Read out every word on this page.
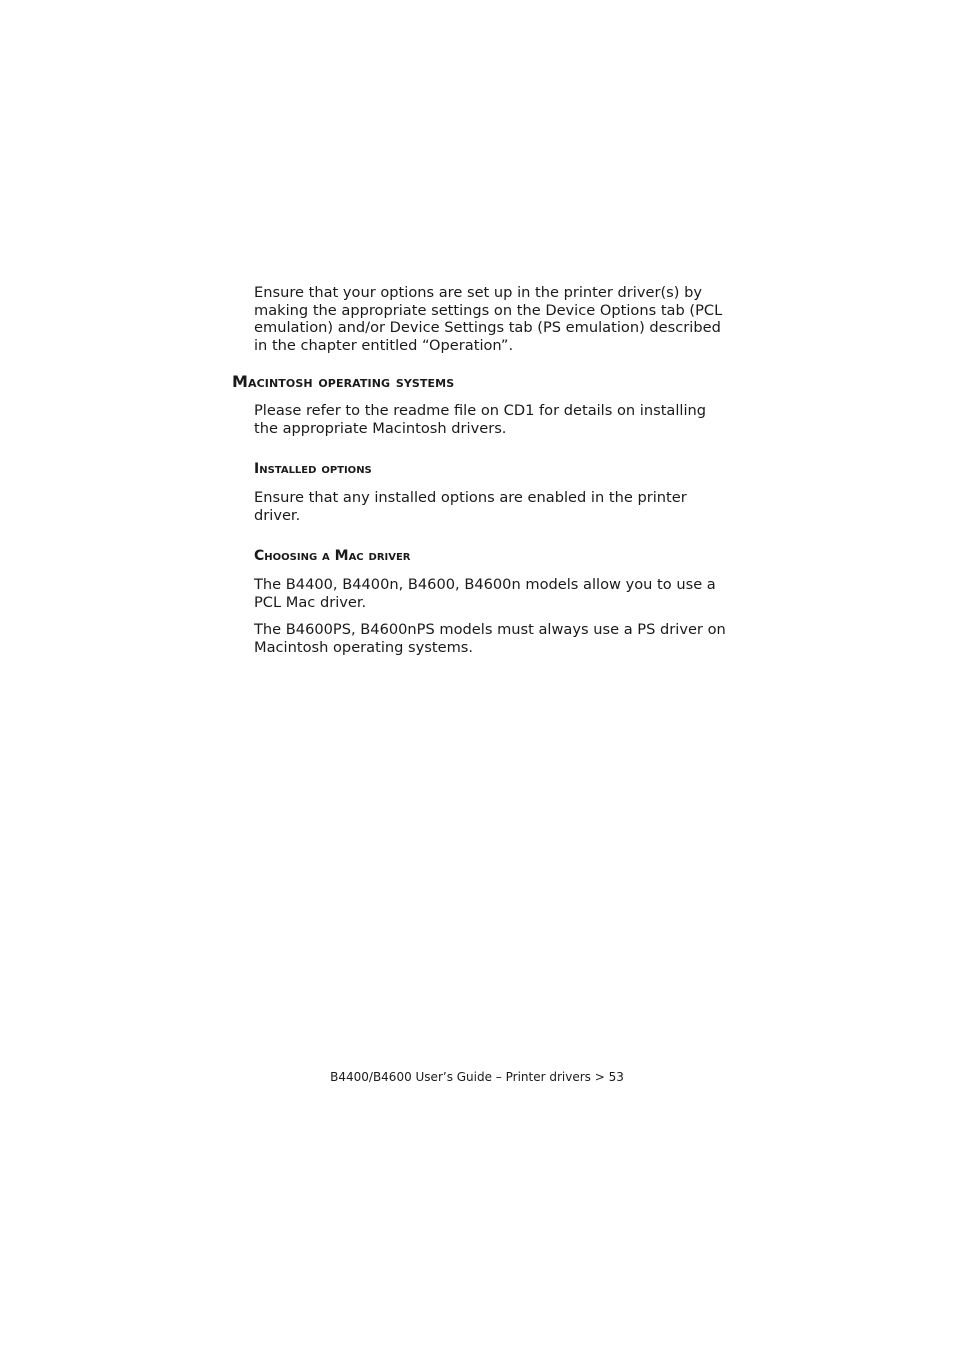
Ensure that your options are set up in the printer driver(s) by making the appropriate settings on the Device Options tab (PCL emulation) and/or Device Settings tab (PS emulation) described in the chapter entitled “Operation”.

Macintosh operating systems

Please refer to the readme file on CD1 for details on installing the appropriate Macintosh drivers.

Installed options

Ensure that any installed options are enabled in the printer driver.

Choosing a Mac driver

The B4400, B4400n, B4600, B4600n models allow you to use a PCL Mac driver.

The B4600PS, B4600nPS models must always use a PS driver on Macintosh operating systems.

B4400/B4600 User’s Guide – Printer drivers > 53
